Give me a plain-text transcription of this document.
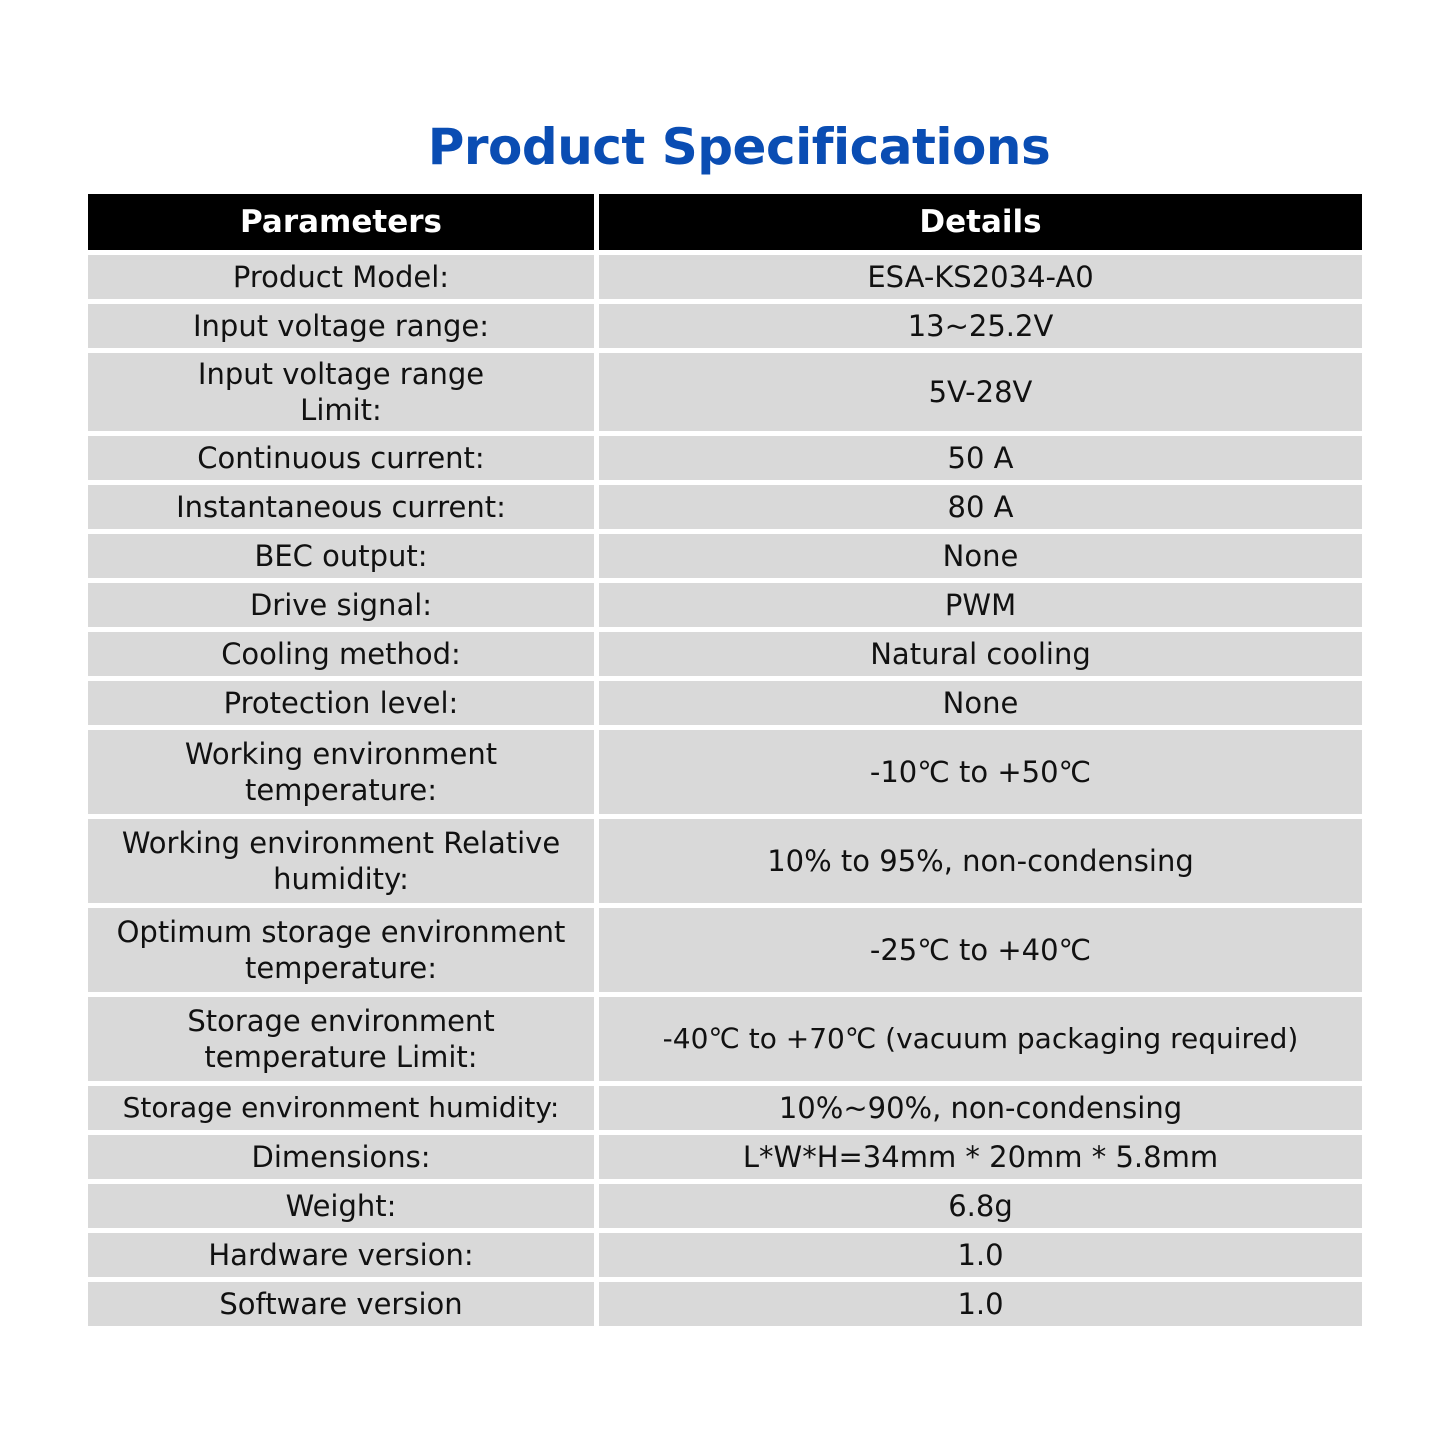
Product Specifications
Parameters	Details
Product Model:	ESA-KS2034-A0
Input voltage range:	13~25.2V
Input voltage range Limit:	5V-28V
Continuous current:	50 A
Instantaneous current:	80 A
BEC output:	None
Drive signal:	PWM
Cooling method:	Natural cooling
Protection level:	None
Working environment temperature:	-10℃ to +50℃
Working environment Relative humidity:	10% to 95%, non-condensing
Optimum storage environment temperature:	-25℃ to +40℃
Storage environment temperature Limit:	-40℃ to +70℃ (vacuum packaging required)
Storage environment humidity:	10%~90%, non-condensing
Dimensions:	L*W*H=34mm * 20mm * 5.8mm
Weight:	6.8g
Hardware version:	1.0
Software version	1.0
